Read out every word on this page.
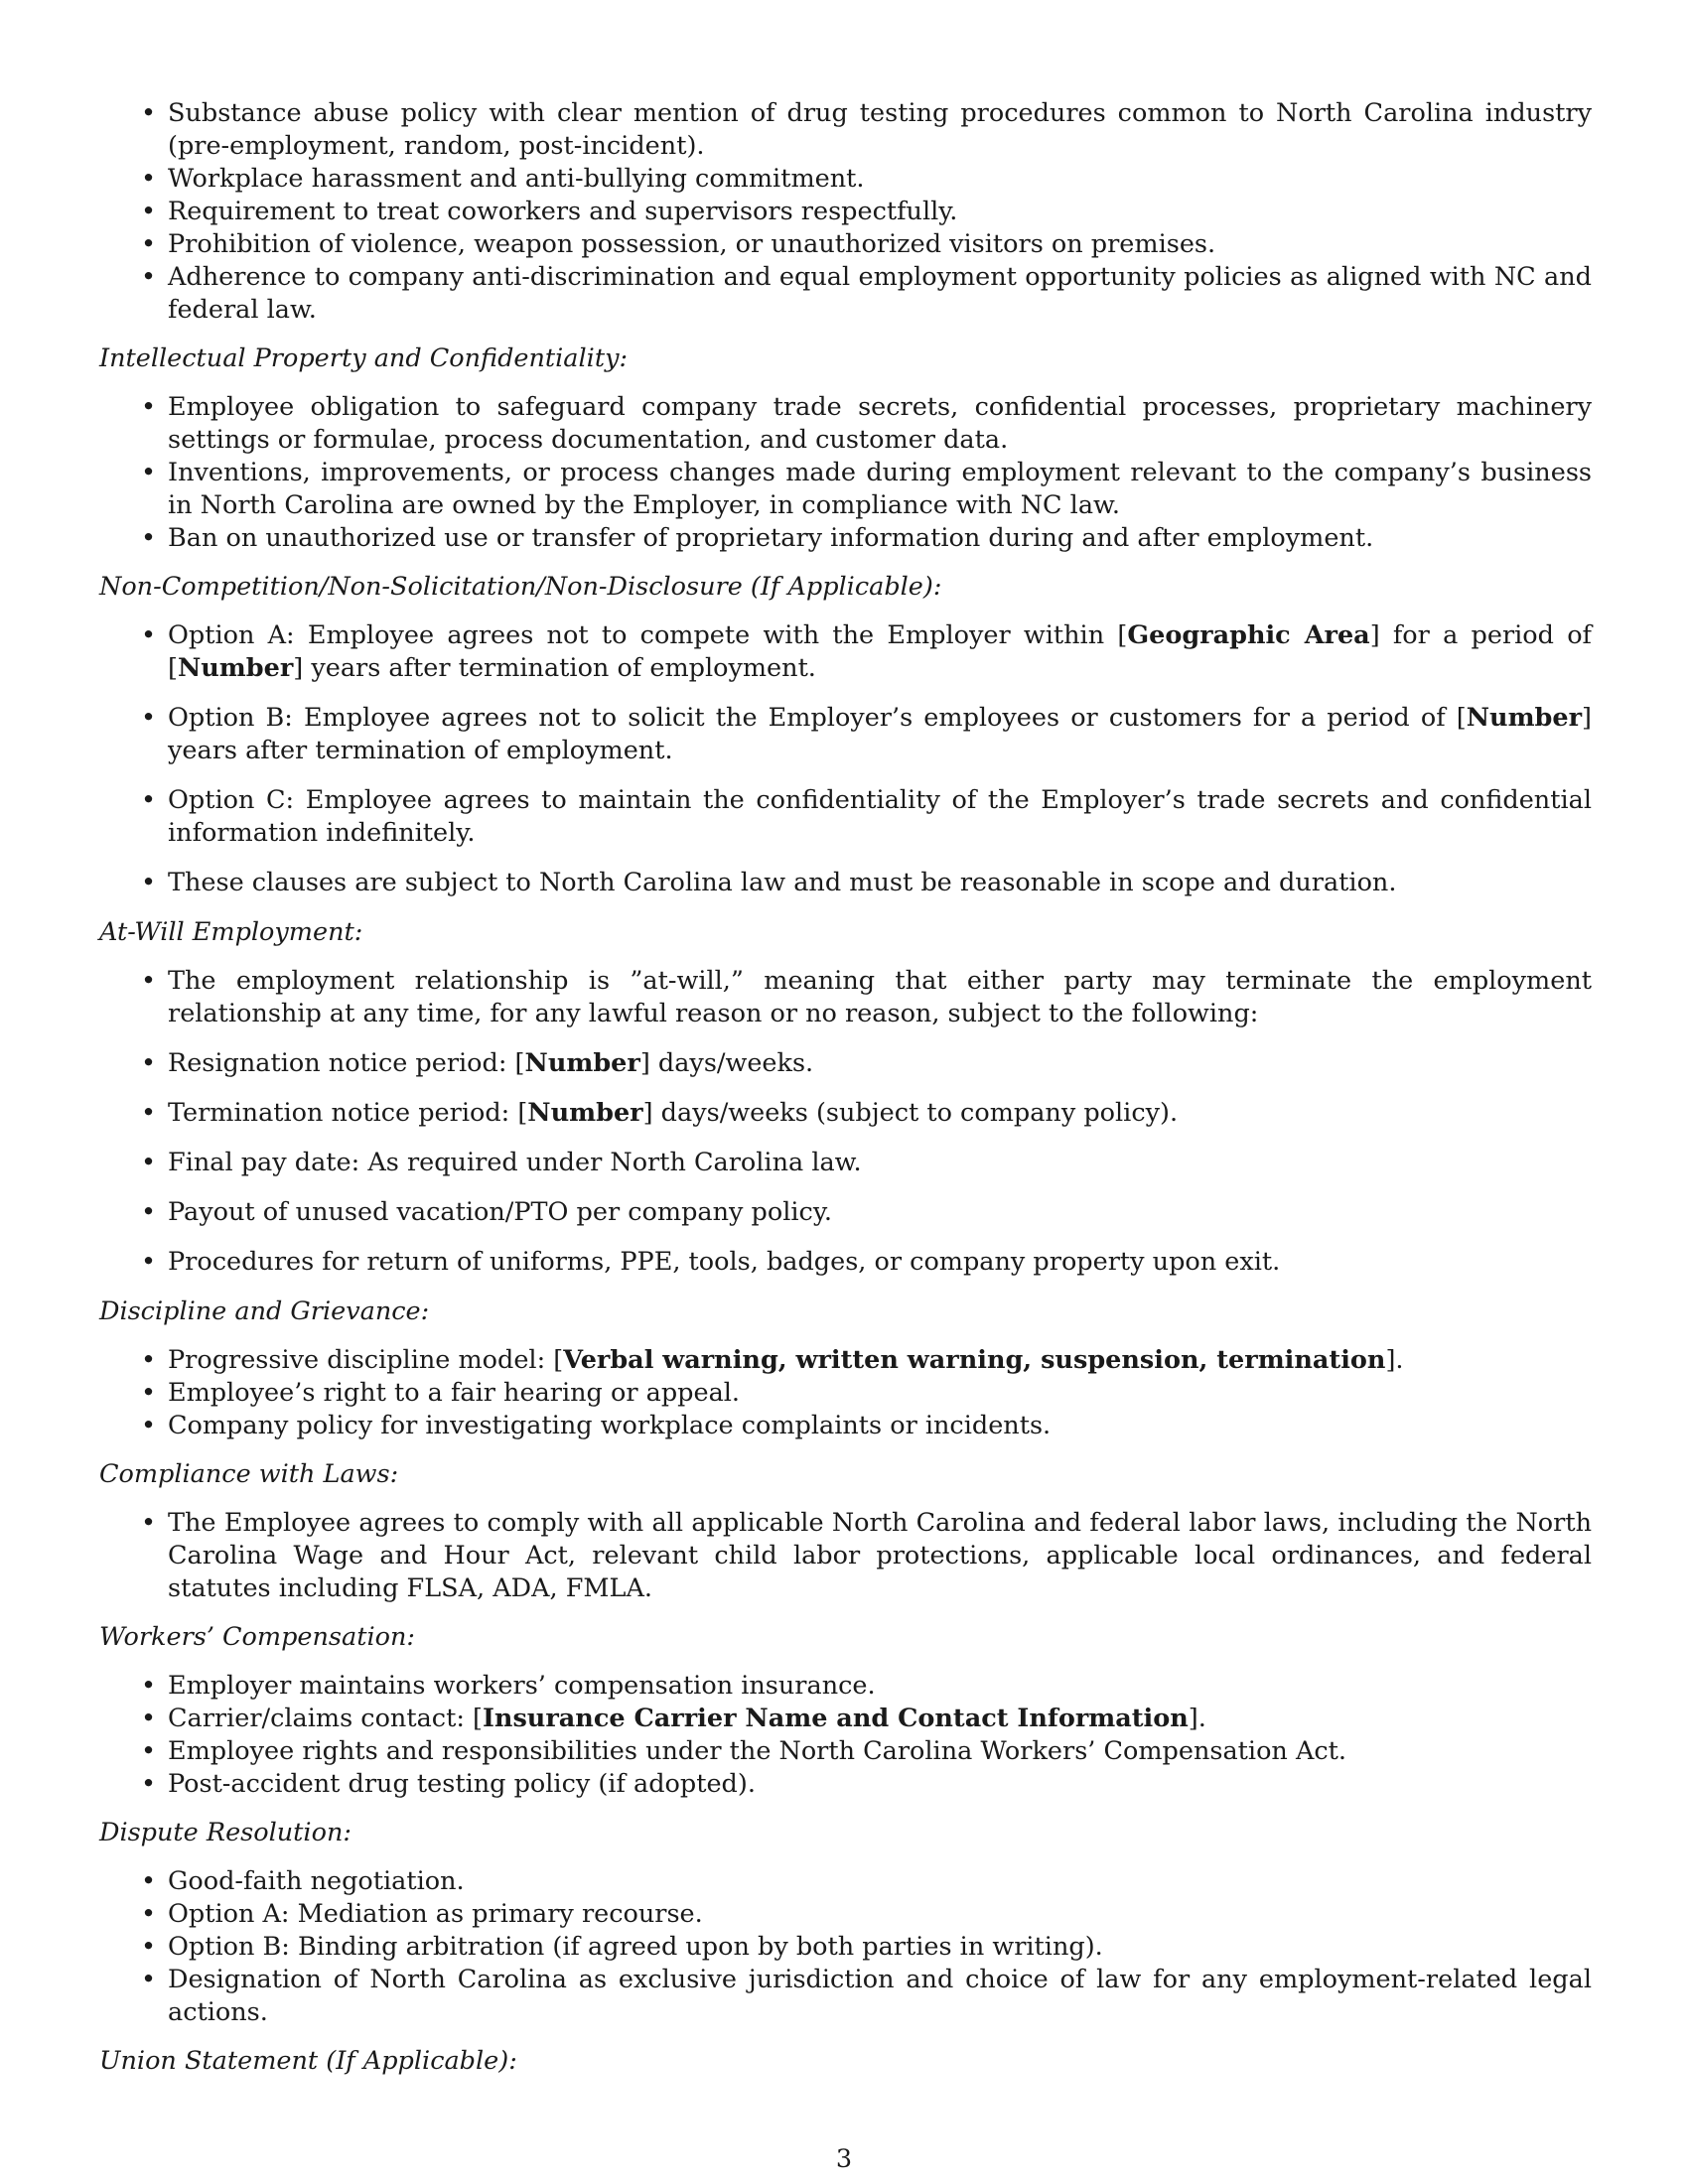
• Substance abuse policy with clear mention of drug testing procedures common to North Carolina industry (pre-employment, random, post-incident).
• Workplace harassment and anti-bullying commitment.
• Requirement to treat coworkers and supervisors respectfully.
• Prohibition of violence, weapon possession, or unauthorized visitors on premises.
• Adherence to company anti-discrimination and equal employment opportunity policies as aligned with NC and federal law.
Intellectual Property and Confidentiality:
• Employee obligation to safeguard company trade secrets, confidential processes, proprietary machinery settings or formulae, process documentation, and customer data.
• Inventions, improvements, or process changes made during employment relevant to the company’s business in North Carolina are owned by the Employer, in compliance with NC law.
• Ban on unauthorized use or transfer of proprietary information during and after employment.
Non-Competition/Non-Solicitation/Non-Disclosure (If Applicable):
• Option A: Employee agrees not to compete with the Employer within [Geographic Area] for a period of [Number] years after termination of employment.
• Option B: Employee agrees not to solicit the Employer’s employees or customers for a period of [Number] years after termination of employment.
• Option C: Employee agrees to maintain the confidentiality of the Employer’s trade secrets and confidential information indefinitely.
• These clauses are subject to North Carolina law and must be reasonable in scope and duration.
At-Will Employment:
• The employment relationship is ”at-will,” meaning that either party may terminate the employment relationship at any time, for any lawful reason or no reason, subject to the following:
• Resignation notice period: [Number] days/weeks.
• Termination notice period: [Number] days/weeks (subject to company policy).
• Final pay date: As required under North Carolina law.
• Payout of unused vacation/PTO per company policy.
• Procedures for return of uniforms, PPE, tools, badges, or company property upon exit.
Discipline and Grievance:
• Progressive discipline model: [Verbal warning, written warning, suspension, termination].
• Employee’s right to a fair hearing or appeal.
• Company policy for investigating workplace complaints or incidents.
Compliance with Laws:
• The Employee agrees to comply with all applicable North Carolina and federal labor laws, including the North Carolina Wage and Hour Act, relevant child labor protections, applicable local ordinances, and federal statutes including FLSA, ADA, FMLA.
Workers’ Compensation:
• Employer maintains workers’ compensation insurance.
• Carrier/claims contact: [Insurance Carrier Name and Contact Information].
• Employee rights and responsibilities under the North Carolina Workers’ Compensation Act.
• Post-accident drug testing policy (if adopted).
Dispute Resolution:
• Good-faith negotiation.
• Option A: Mediation as primary recourse.
• Option B: Binding arbitration (if agreed upon by both parties in writing).
• Designation of North Carolina as exclusive jurisdiction and choice of law for any employment-related legal actions.
Union Statement (If Applicable):
3
